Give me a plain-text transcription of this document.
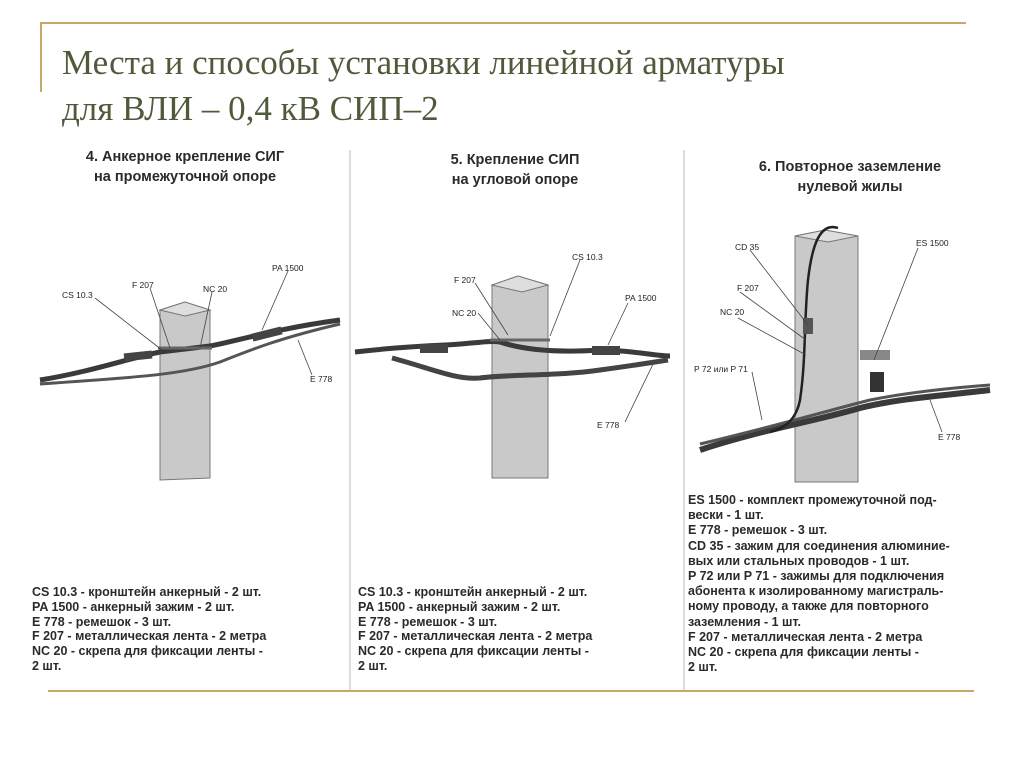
Места и способы установки линейной арматуры
для ВЛИ – 0,4 кВ СИП–2
CS 10.3
F 207	NC 20
PA 1500
E 778
F 207
CS 10.3
NC 20
PA 1500
E 778
CD 35	ES 1500
F 207
NC 20
P 72 или P 71
E 778
4. Анкерное крепление СИГ
на промежуточной опоре
5. Крепление СИП
на угловой опоре
6. Повторное заземление
нулевой жилы
CS 10.3 - кронштейн анкерный - 2 шт.
PA 1500 - анкерный зажим - 2 шт.
E 778 - ремешок - 3 шт.
F 207 - металлическая лента - 2 метра
NC 20 - скрепа для фиксации ленты -
2 шт.
CS 10.3 - кронштейн анкерный - 2 шт.
PA 1500 - анкерный зажим - 2 шт.
E 778 - ремешок - 3 шт.
F 207 - металлическая лента - 2 метра
NC 20 - скрепа для фиксации ленты -
2 шт.
ES 1500 - комплект промежуточной под-
вески - 1 шт.
E 778 - ремешок - 3 шт.
CD 35 - зажим для соединения алюминие-
вых или стальных проводов - 1 шт.
P 72 или P 71 - зажимы для подключения
абонента к изолированному магистраль-
ному проводу, а также для повторного
заземления - 1 шт.
F 207 - металлическая лента - 2 метра
NC 20 - скрепа для фиксации ленты -
2 шт.
